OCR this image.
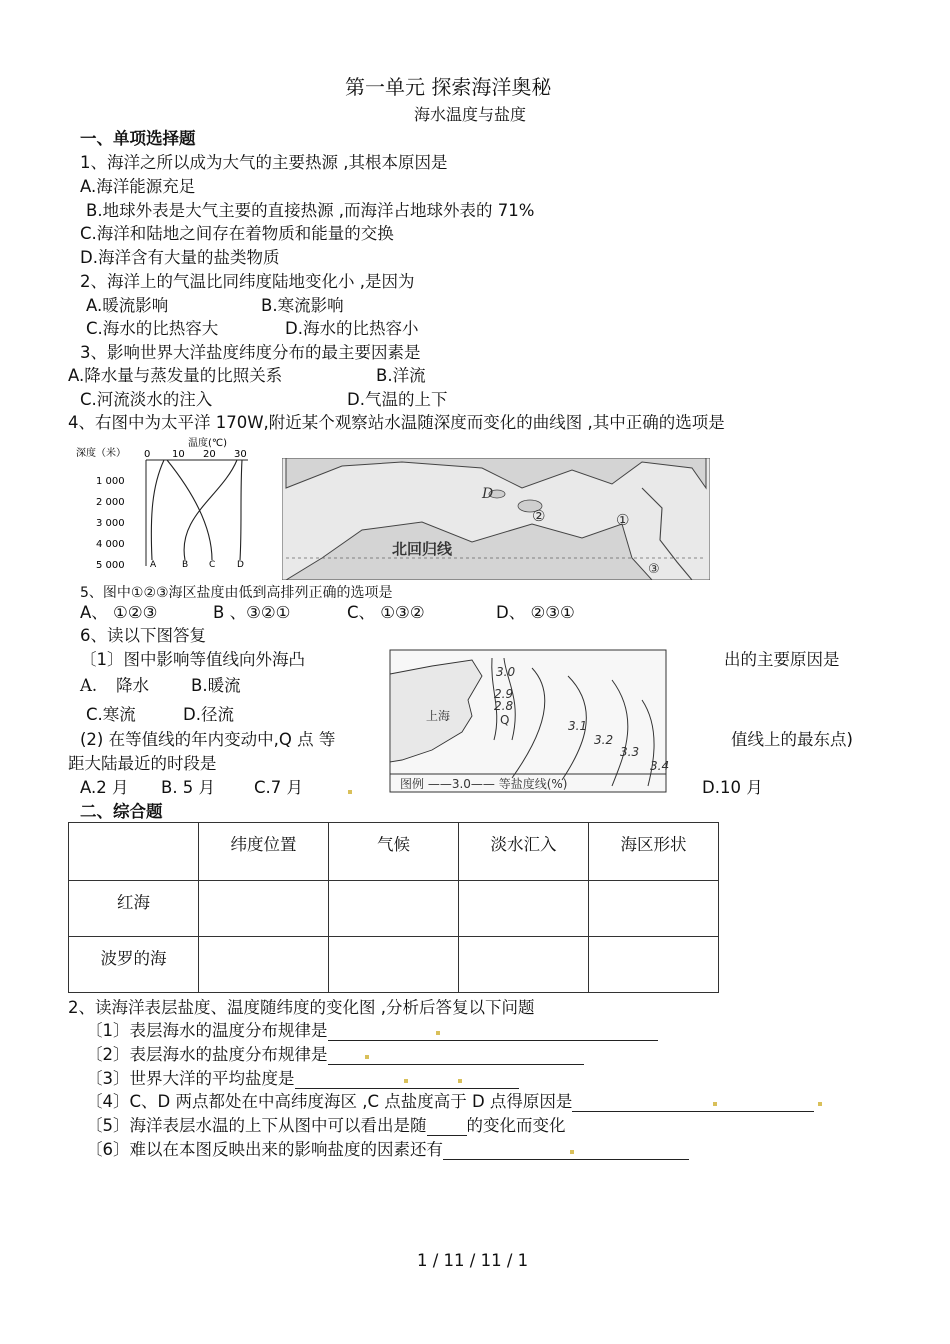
第一单元 探索海洋奥秘
海水温度与盐度
一、单项选择题
1、海洋之所以成为大气的主要热源 ,其根本原因是
A.海洋能源充足
B.地球外表是大气主要的直接热源 ,而海洋占地球外表的 71%
C.海洋和陆地之间存在着物质和能量的交换
D.海洋含有大量的盐类物质
2、海洋上的气温比同纬度陆地变化小 ,是因为
A.暖流影响	B.寒流影响
C.海水的比热容大	D.海水的比热容小
3、影响世界大洋盐度纬度分布的最主要因素是
A.降水量与蒸发量的比照关系	B.洋流
C.河流淡水的注入	D.气温的上下
4、右图中为太平洋 170W,附近某个观察站水温随深度而变化的曲线图 ,其中正确的选项是
深度（米）
温度(℃)
0 10 20 30
1 000
2 000
3 000
4 000
5 000	A	B C D
北回归线
D
①
②
③
5、图中①②③海区盐度由低到高排列正确的选项是
A、 ①②③	B 、③②①	C、 ①③②	D、 ②③①
6、读以下图答复
上海
3.0
2.9
2.8
Q	3.1
3.2
3.3
3.4
图例 ——3.0—— 等盐度线(%)
〔1〕图中影响等值线向外海凸	出的主要原因是
A. 降水	B.暖流
C.寒流	D.径流
(2) 在等值线的年内变动中,Q 点 等	值线上的最东点)
距大陆最近的时段是
A.2 月 B. 5 月 C.7 月	D.10 月
二、综合题
	纬度位置	气候	淡水汇入	海区形状
红海				
波罗的海				
2、读海洋表层盐度、温度随纬度的变化图 ,分析后答复以下问题
〔1〕表层海水的温度分布规律是
〔2〕表层海水的盐度分布规律是
〔3〕世界大洋的平均盐度是
〔4〕C、D 两点都处在中高纬度海区 ,C 点盐度高于 D 点得原因是
〔5〕海洋表层水温的上下从图中可以看出是随 的变化而变化
〔6〕难以在本图反映出来的影响盐度的因素还有
1 / 11 / 11 / 1
